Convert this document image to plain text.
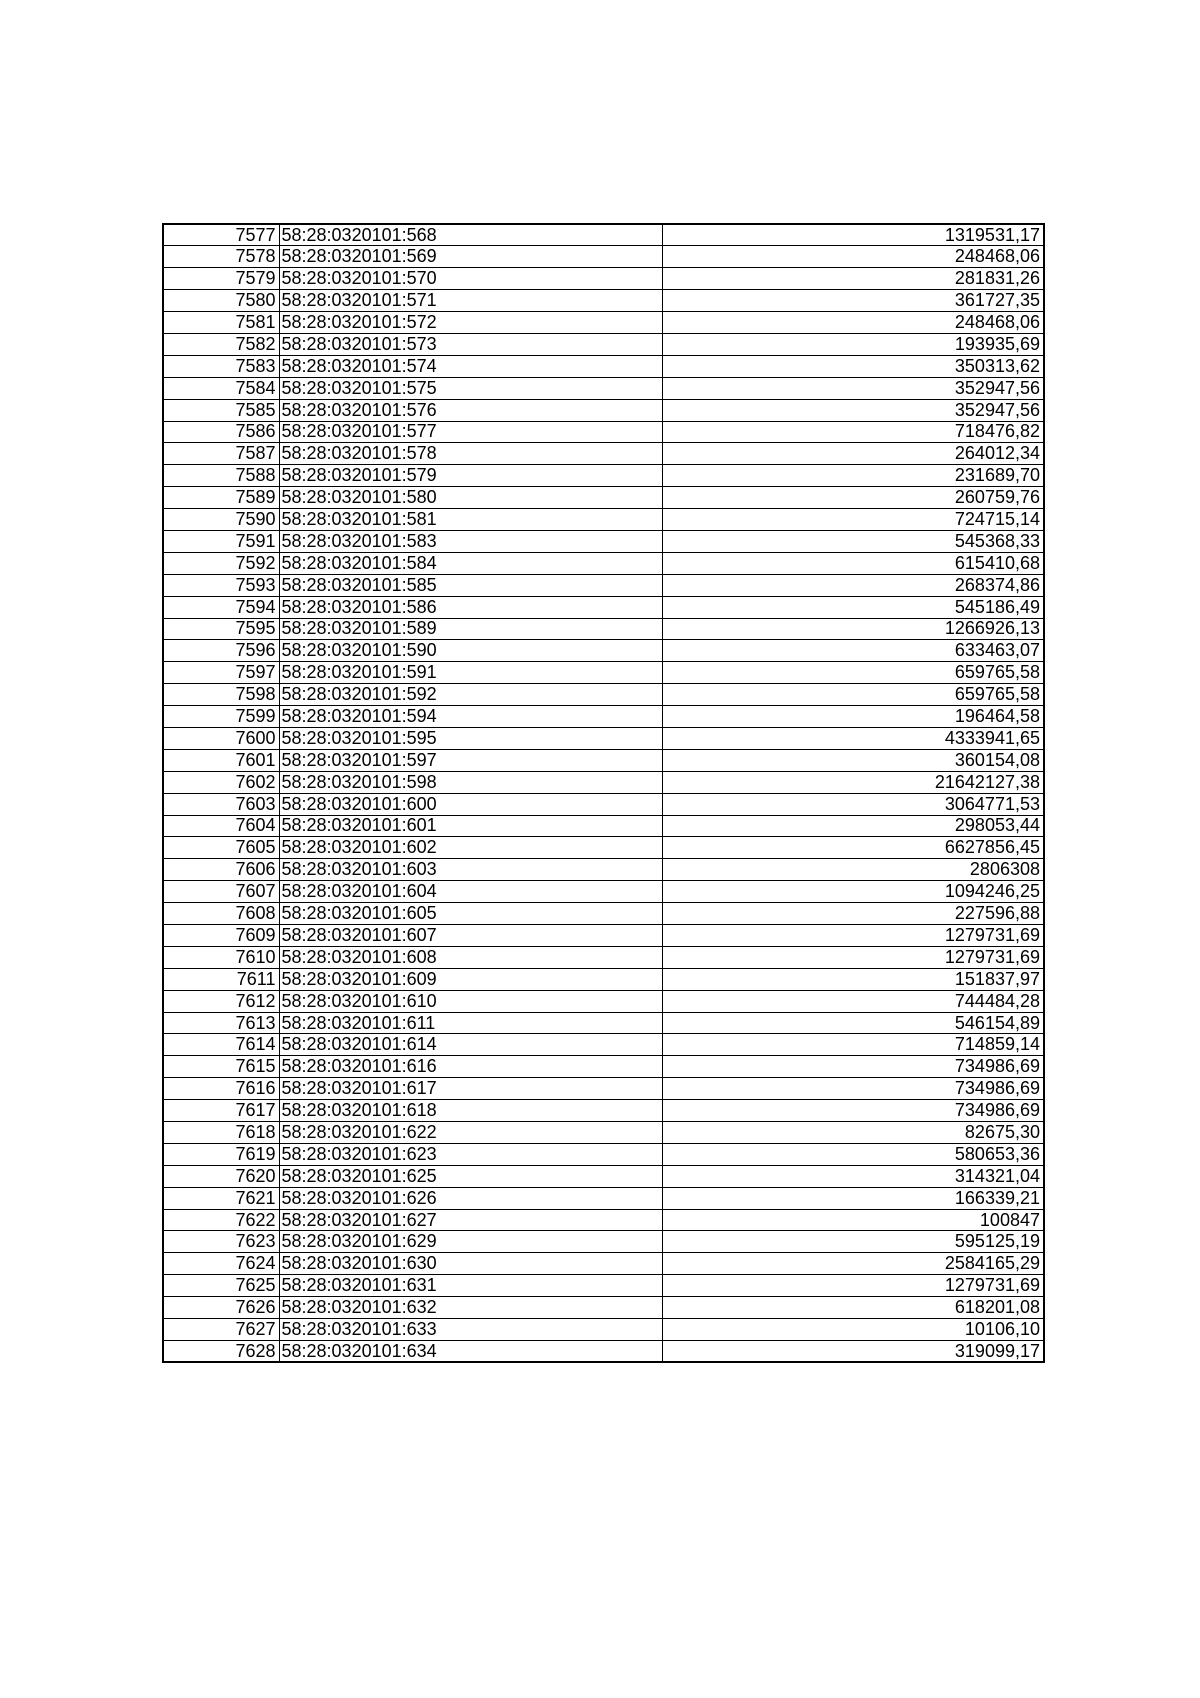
7577	58:28:0320101:568	1319531,17
7578	58:28:0320101:569	248468,06
7579	58:28:0320101:570	281831,26
7580	58:28:0320101:571	361727,35
7581	58:28:0320101:572	248468,06
7582	58:28:0320101:573	193935,69
7583	58:28:0320101:574	350313,62
7584	58:28:0320101:575	352947,56
7585	58:28:0320101:576	352947,56
7586	58:28:0320101:577	718476,82
7587	58:28:0320101:578	264012,34
7588	58:28:0320101:579	231689,70
7589	58:28:0320101:580	260759,76
7590	58:28:0320101:581	724715,14
7591	58:28:0320101:583	545368,33
7592	58:28:0320101:584	615410,68
7593	58:28:0320101:585	268374,86
7594	58:28:0320101:586	545186,49
7595	58:28:0320101:589	1266926,13
7596	58:28:0320101:590	633463,07
7597	58:28:0320101:591	659765,58
7598	58:28:0320101:592	659765,58
7599	58:28:0320101:594	196464,58
7600	58:28:0320101:595	4333941,65
7601	58:28:0320101:597	360154,08
7602	58:28:0320101:598	21642127,38
7603	58:28:0320101:600	3064771,53
7604	58:28:0320101:601	298053,44
7605	58:28:0320101:602	6627856,45
7606	58:28:0320101:603	2806308
7607	58:28:0320101:604	1094246,25
7608	58:28:0320101:605	227596,88
7609	58:28:0320101:607	1279731,69
7610	58:28:0320101:608	1279731,69
7611	58:28:0320101:609	151837,97
7612	58:28:0320101:610	744484,28
7613	58:28:0320101:611	546154,89
7614	58:28:0320101:614	714859,14
7615	58:28:0320101:616	734986,69
7616	58:28:0320101:617	734986,69
7617	58:28:0320101:618	734986,69
7618	58:28:0320101:622	82675,30
7619	58:28:0320101:623	580653,36
7620	58:28:0320101:625	314321,04
7621	58:28:0320101:626	166339,21
7622	58:28:0320101:627	100847
7623	58:28:0320101:629	595125,19
7624	58:28:0320101:630	2584165,29
7625	58:28:0320101:631	1279731,69
7626	58:28:0320101:632	618201,08
7627	58:28:0320101:633	10106,10
7628	58:28:0320101:634	319099,17
